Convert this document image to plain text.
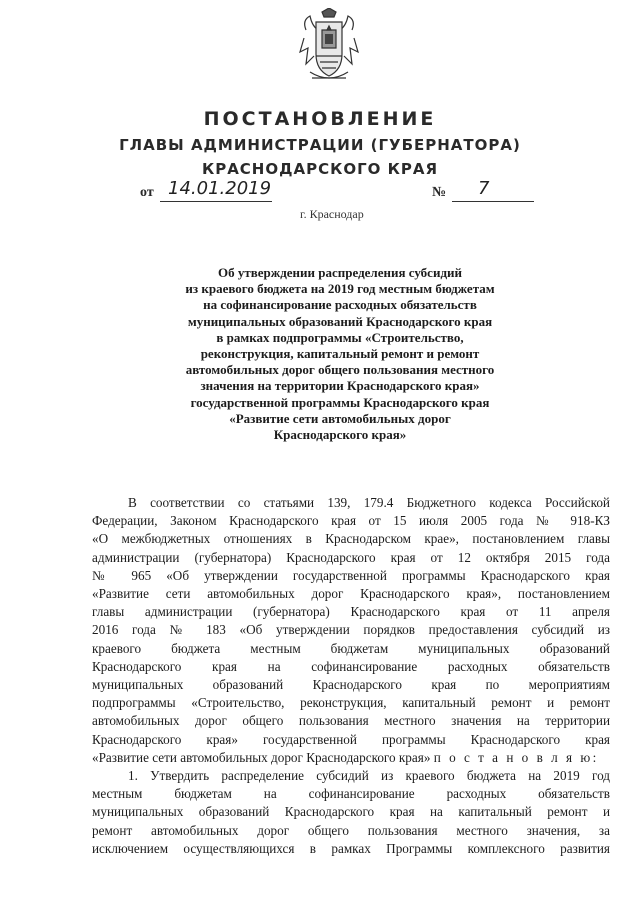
ПОСТАНОВЛЕНИЕ
ГЛАВЫ АДМИНИСТРАЦИИ (ГУБЕРНАТОРА)
КРАСНОДАРСКОГО КРАЯ
от 14.01.2019	№ 7
г. Краснодар
Об утверждении распределения субсидий
из краевого бюджета на 2019 год местным бюджетам
на софинансирование расходных обязательств
муниципальных образований Краснодарского края
в рамках подпрограммы «Строительство,
реконструкция, капитальный ремонт и ремонт
автомобильных дорог общего пользования местного
значения на территории Краснодарского края»
государственной программы Краснодарского края
«Развитие сети автомобильных дорог
Краснодарского края»
В соответствии со статьями 139, 179.4 Бюджетного кодекса Российской
Федерации, Законом Краснодарского края от 15 июля 2005 года № 918-КЗ
«О межбюджетных отношениях в Краснодарском крае», постановлением главы
администрации (губернатора) Краснодарского края от 12 октября 2015 года
№ 965 «Об утверждении государственной программы Краснодарского края
«Развитие сети автомобильных дорог Краснодарского края», постановлением
главы администрации (губернатора) Краснодарского края от 11 апреля
2016 года № 183 «Об утверждении порядков предоставления субсидий из
краевого бюджета местным бюджетам муниципальных образований
Краснодарского края на софинансирование расходных обязательств
муниципальных образований Краснодарского края по мероприятиям
подпрограммы «Строительство, реконструкция, капитальный ремонт и ремонт
автомобильных дорог общего пользования местного значения на территории
Краснодарского края» государственной программы Краснодарского края
«Развитие сети автомобильных дорог Краснодарского края» п о с т а н о в л я ю:
1. Утвердить распределение субсидий из краевого бюджета на 2019 год
местным бюджетам на софинансирование расходных обязательств
муниципальных образований Краснодарского края на капитальный ремонт и
ремонт автомобильных дорог общего пользования местного значения, за
исключением осуществляющихся в рамках Программы комплексного развития
